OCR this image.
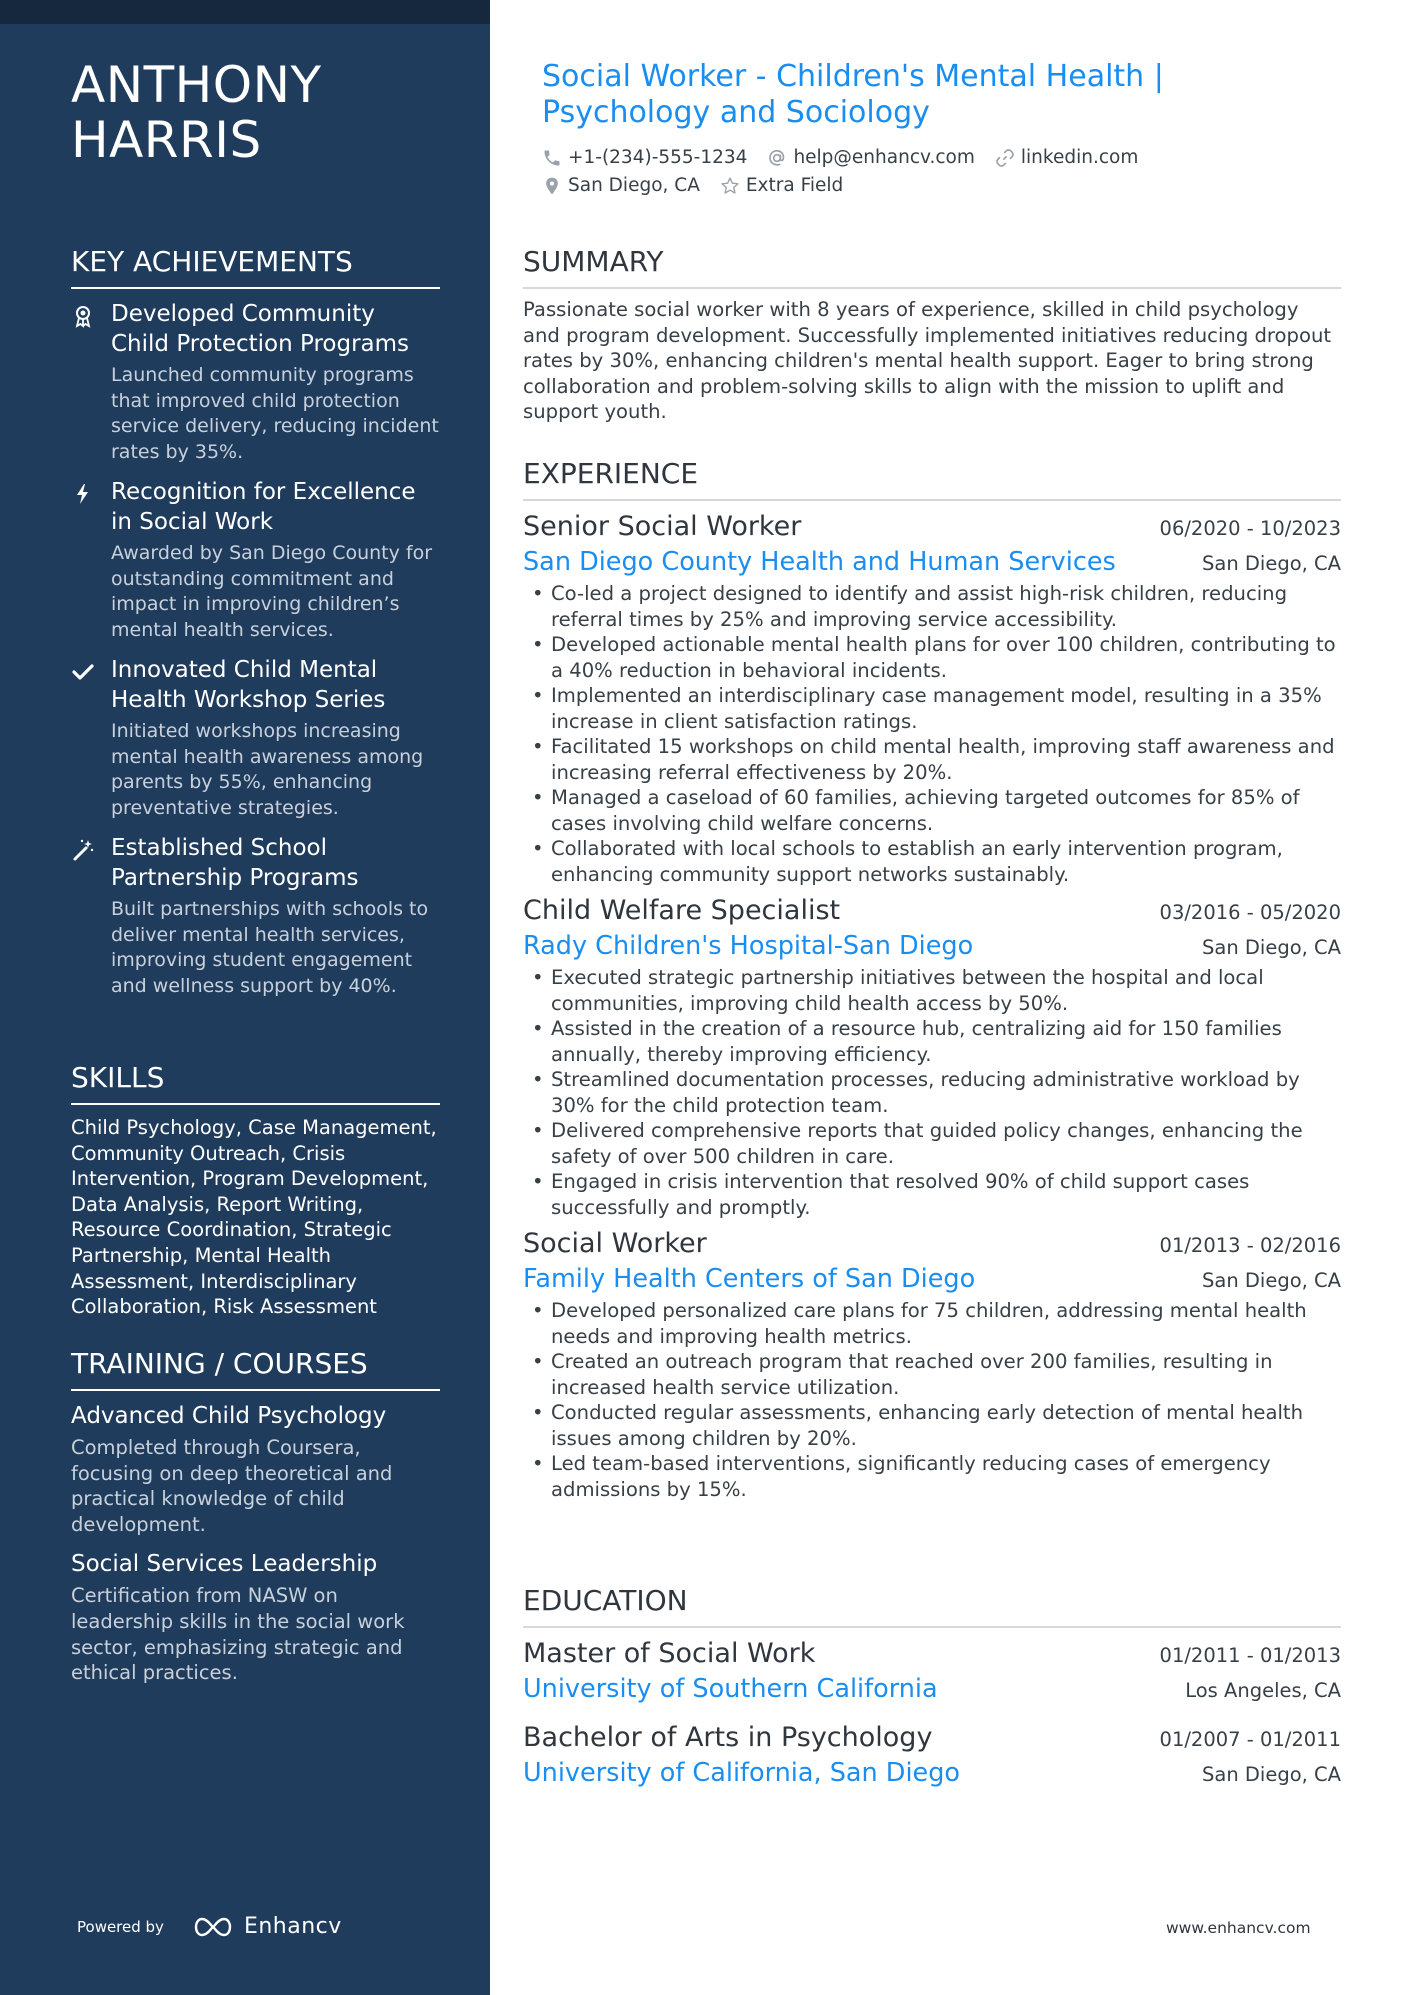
ANTHONY
HARRIS
KEY ACHIEVEMENTS
Developed Community Child Protection Programs
Launched community programs that improved child protection service delivery, reducing incident rates by 35%.
Recognition for Excellence in Social Work
Awarded by San Diego County for outstanding commitment and impact in improving children’s mental health services.
Innovated Child Mental Health Workshop Series
Initiated workshops increasing mental health awareness among parents by 55%, enhancing preventative strategies.
Established School Partnership Programs
Built partnerships with schools to deliver mental health services, improving student engagement and wellness support by 40%.
SKILLS
Child Psychology, Case Management, Community Outreach, Crisis Intervention, Program Development, Data Analysis, Report Writing, Resource Coordination, Strategic Partnership, Mental Health Assessment, Interdisciplinary Collaboration, Risk Assessment
TRAINING / COURSES
Advanced Child Psychology
Completed through Coursera, focusing on deep theoretical and practical knowledge of child development.
Social Services Leadership
Certification from NASW on leadership skills in the social work sector, emphasizing strategic and ethical practices.
Powered by	Enhancv
Social Worker - Children's Mental Health | Psychology and Sociology
+1-(234)-555-1234 help@enhancv.com linkedin.com
San Diego, CA Extra Field
SUMMARY
Passionate social worker with 8 years of experience, skilled in child psychology and program development. Successfully implemented initiatives reducing dropout rates by 30%, enhancing children's mental health support. Eager to bring strong collaboration and problem-solving skills to align with the mission to uplift and support youth.
EXPERIENCE
Senior Social Worker	06/2020 - 10/2023
San Diego County Health and Human Services	San Diego, CA
• Co-led a project designed to identify and assist high-risk children, reducing referral times by 25% and improving service accessibility.
• Developed actionable mental health plans for over 100 children, contributing to a 40% reduction in behavioral incidents.
• Implemented an interdisciplinary case management model, resulting in a 35% increase in client satisfaction ratings.
• Facilitated 15 workshops on child mental health, improving staff awareness and increasing referral effectiveness by 20%.
• Managed a caseload of 60 families, achieving targeted outcomes for 85% of cases involving child welfare concerns.
• Collaborated with local schools to establish an early intervention program, enhancing community support networks sustainably.
Child Welfare Specialist	03/2016 - 05/2020
Rady Children's Hospital-San Diego	San Diego, CA
• Executed strategic partnership initiatives between the hospital and local communities, improving child health access by 50%.
• Assisted in the creation of a resource hub, centralizing aid for 150 families annually, thereby improving efficiency.
• Streamlined documentation processes, reducing administrative workload by 30% for the child protection team.
• Delivered comprehensive reports that guided policy changes, enhancing the safety of over 500 children in care.
• Engaged in crisis intervention that resolved 90% of child support cases successfully and promptly.
Social Worker	01/2013 - 02/2016
Family Health Centers of San Diego	San Diego, CA
• Developed personalized care plans for 75 children, addressing mental health needs and improving health metrics.
• Created an outreach program that reached over 200 families, resulting in increased health service utilization.
• Conducted regular assessments, enhancing early detection of mental health issues among children by 20%.
• Led team-based interventions, significantly reducing cases of emergency admissions by 15%.
EDUCATION
Master of Social Work	01/2011 - 01/2013
University of Southern California	Los Angeles, CA
Bachelor of Arts in Psychology	01/2007 - 01/2011
University of California, San Diego	San Diego, CA
www.enhancv.com
